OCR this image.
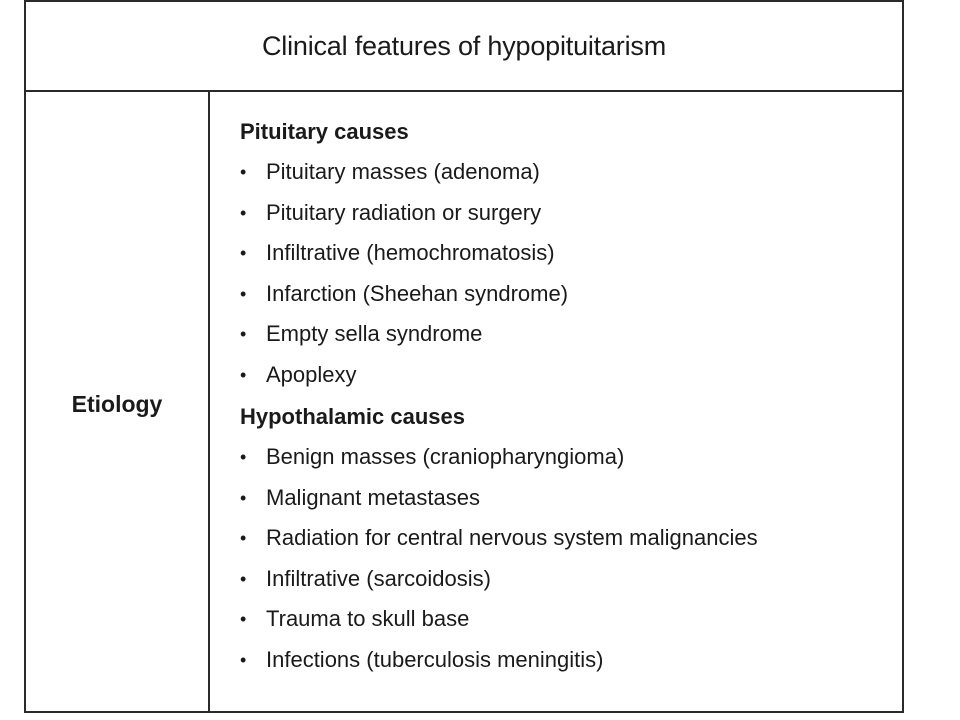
Clinical features of hypopituitarism
Etiology
Pituitary causes
• Pituitary masses (adenoma)
• Pituitary radiation or surgery
• Infiltrative (hemochromatosis)
• Infarction (Sheehan syndrome)
• Empty sella syndrome
• Apoplexy
Hypothalamic causes
• Benign masses (craniopharyngioma)
• Malignant metastases
• Radiation for central nervous system malignancies
• Infiltrative (sarcoidosis)
• Trauma to skull base
• Infections (tuberculosis meningitis)
